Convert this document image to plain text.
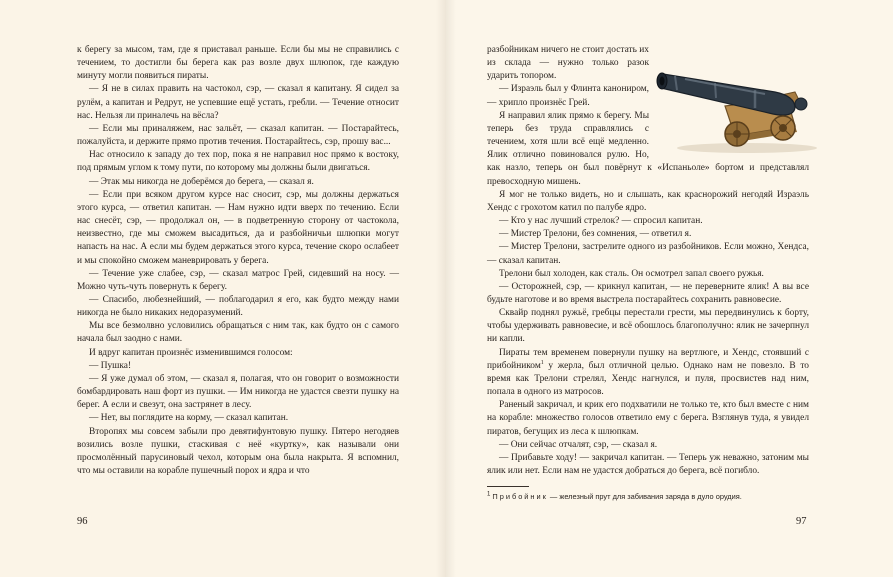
к берегу за мысом, там, где я приставал раньше. Если бы мы не справились с течением, то достигли бы берега как раз возле двух шлюпок, где каждую минуту могли появиться пираты.

— Я не в силах править на частокол, сэр, — сказал я капитану. Я сидел за рулём, а капитан и Редрут, не успевшие ещё устать, гребли. — Течение относит нас. Нельзя ли приналечь на вёсла?

— Если мы приналяжем, нас зальёт, — сказал капитан. — Постарайтесь, пожалуйста, и держите прямо против течения. Постарайтесь, сэр, прошу вас...

Нас относило к западу до тех пор, пока я не направил нос прямо к востоку, под прямым углом к тому пути, по которому мы должны были двигаться.

— Этак мы никогда не доберёмся до берега, — сказал я.

— Если при всяком другом курсе нас сносит, сэр, мы должны держаться этого курса, — ответил капитан. — Нам нужно идти вверх по течению. Если нас снесёт, сэр, — продолжал он, — в подветренную сторону от частокола, неизвестно, где мы сможем высадиться, да и разбойничьи шлюпки могут напасть на нас. А если мы будем держаться этого курса, течение скоро ослабеет и мы спокойно сможем маневрировать у берега.

— Течение уже слабее, сэр, — сказал матрос Грей, сидевший на носу. — Можно чуть-чуть повернуть к берегу.

— Спасибо, любезнейший, — поблагодарил я его, как будто между нами никогда не было никаких недоразумений.

Мы все безмолвно условились обращаться с ним так, как будто он с самого начала был заодно с нами.

И вдруг капитан произнёс изменившимся голосом:

— Пушка!

— Я уже думал об этом, — сказал я, полагая, что он говорит о возможности бомбардировать наш форт из пушки. — Им никогда не удастся свезти пушку на берег. А если и свезут, она застрянет в лесу.

— Нет, вы поглядите на корму, — сказал капитан.

Второпях мы совсем забыли про девятифунтовую пушку. Пятеро негодяев возились возле пушки, стаскивая с неё «куртку», как называли они просмолённый парусиновый чехол, которым она была накрыта. Я вспомнил, что мы оставили на корабле пушечный порох и ядра и что

96

разбойникам ничего не стоит достать их из склада — нужно только разок ударить топором.

— Израэль был у Флинта канониром, — хрипло произнёс Грей.

Я направил ялик прямо к берегу. Мы теперь без труда справлялись с течением, хотя шли всё ещё медленно. Ялик отлично повиновался рулю. Но, как назло, теперь он был повёрнут к «Испаньоле» бортом и представлял превосходную мишень.

Я мог не только видеть, но и слышать, как краснорожий негодяй Израэль Хендс с грохотом катил по палубе ядро.

— Кто у нас лучший стрелок? — спросил капитан.

— Мистер Трелони, без сомнения, — ответил я.

— Мистер Трелони, застрелите одного из разбойников. Если можно, Хендса, — сказал капитан.

Трелони был холоден, как сталь. Он осмотрел запал своего ружья.

— Осторожней, сэр, — крикнул капитан, — не переверните ялик! А вы все будьте наготове и во время выстрела постарайтесь сохранить равновесие.

Сквайр поднял ружьё, гребцы перестали грести, мы передвинулись к борту, чтобы удерживать равновесие, и всё обошлось благополучно: ялик не зачерпнул ни капли.

Пираты тем временем повернули пушку на вертлюге, и Хендс, стоявший с прибойником$^1$ у жерла, был отличной целью. Однако нам не повезло. В то время как Трелони стрелял, Хендс нагнулся, и пуля, просвистев над ним, попала в одного из матросов.

Раненый закричал, и крик его подхватили не только те, кто был вместе с ним на корабле: множество голосов ответило ему с берега. Взглянув туда, я увидел пиратов, бегущих из леса к шлюпкам.

— Они сейчас отчалят, сэр, — сказал я.

— Прибавьте ходу! — закричал капитан. — Теперь уж неважно, затоним мы ялик или нет. Если нам не удастся добраться до берега, всё погибло.

$^1$ Прибойник — железный прут для забивания заряда в дуло орудия.
97
